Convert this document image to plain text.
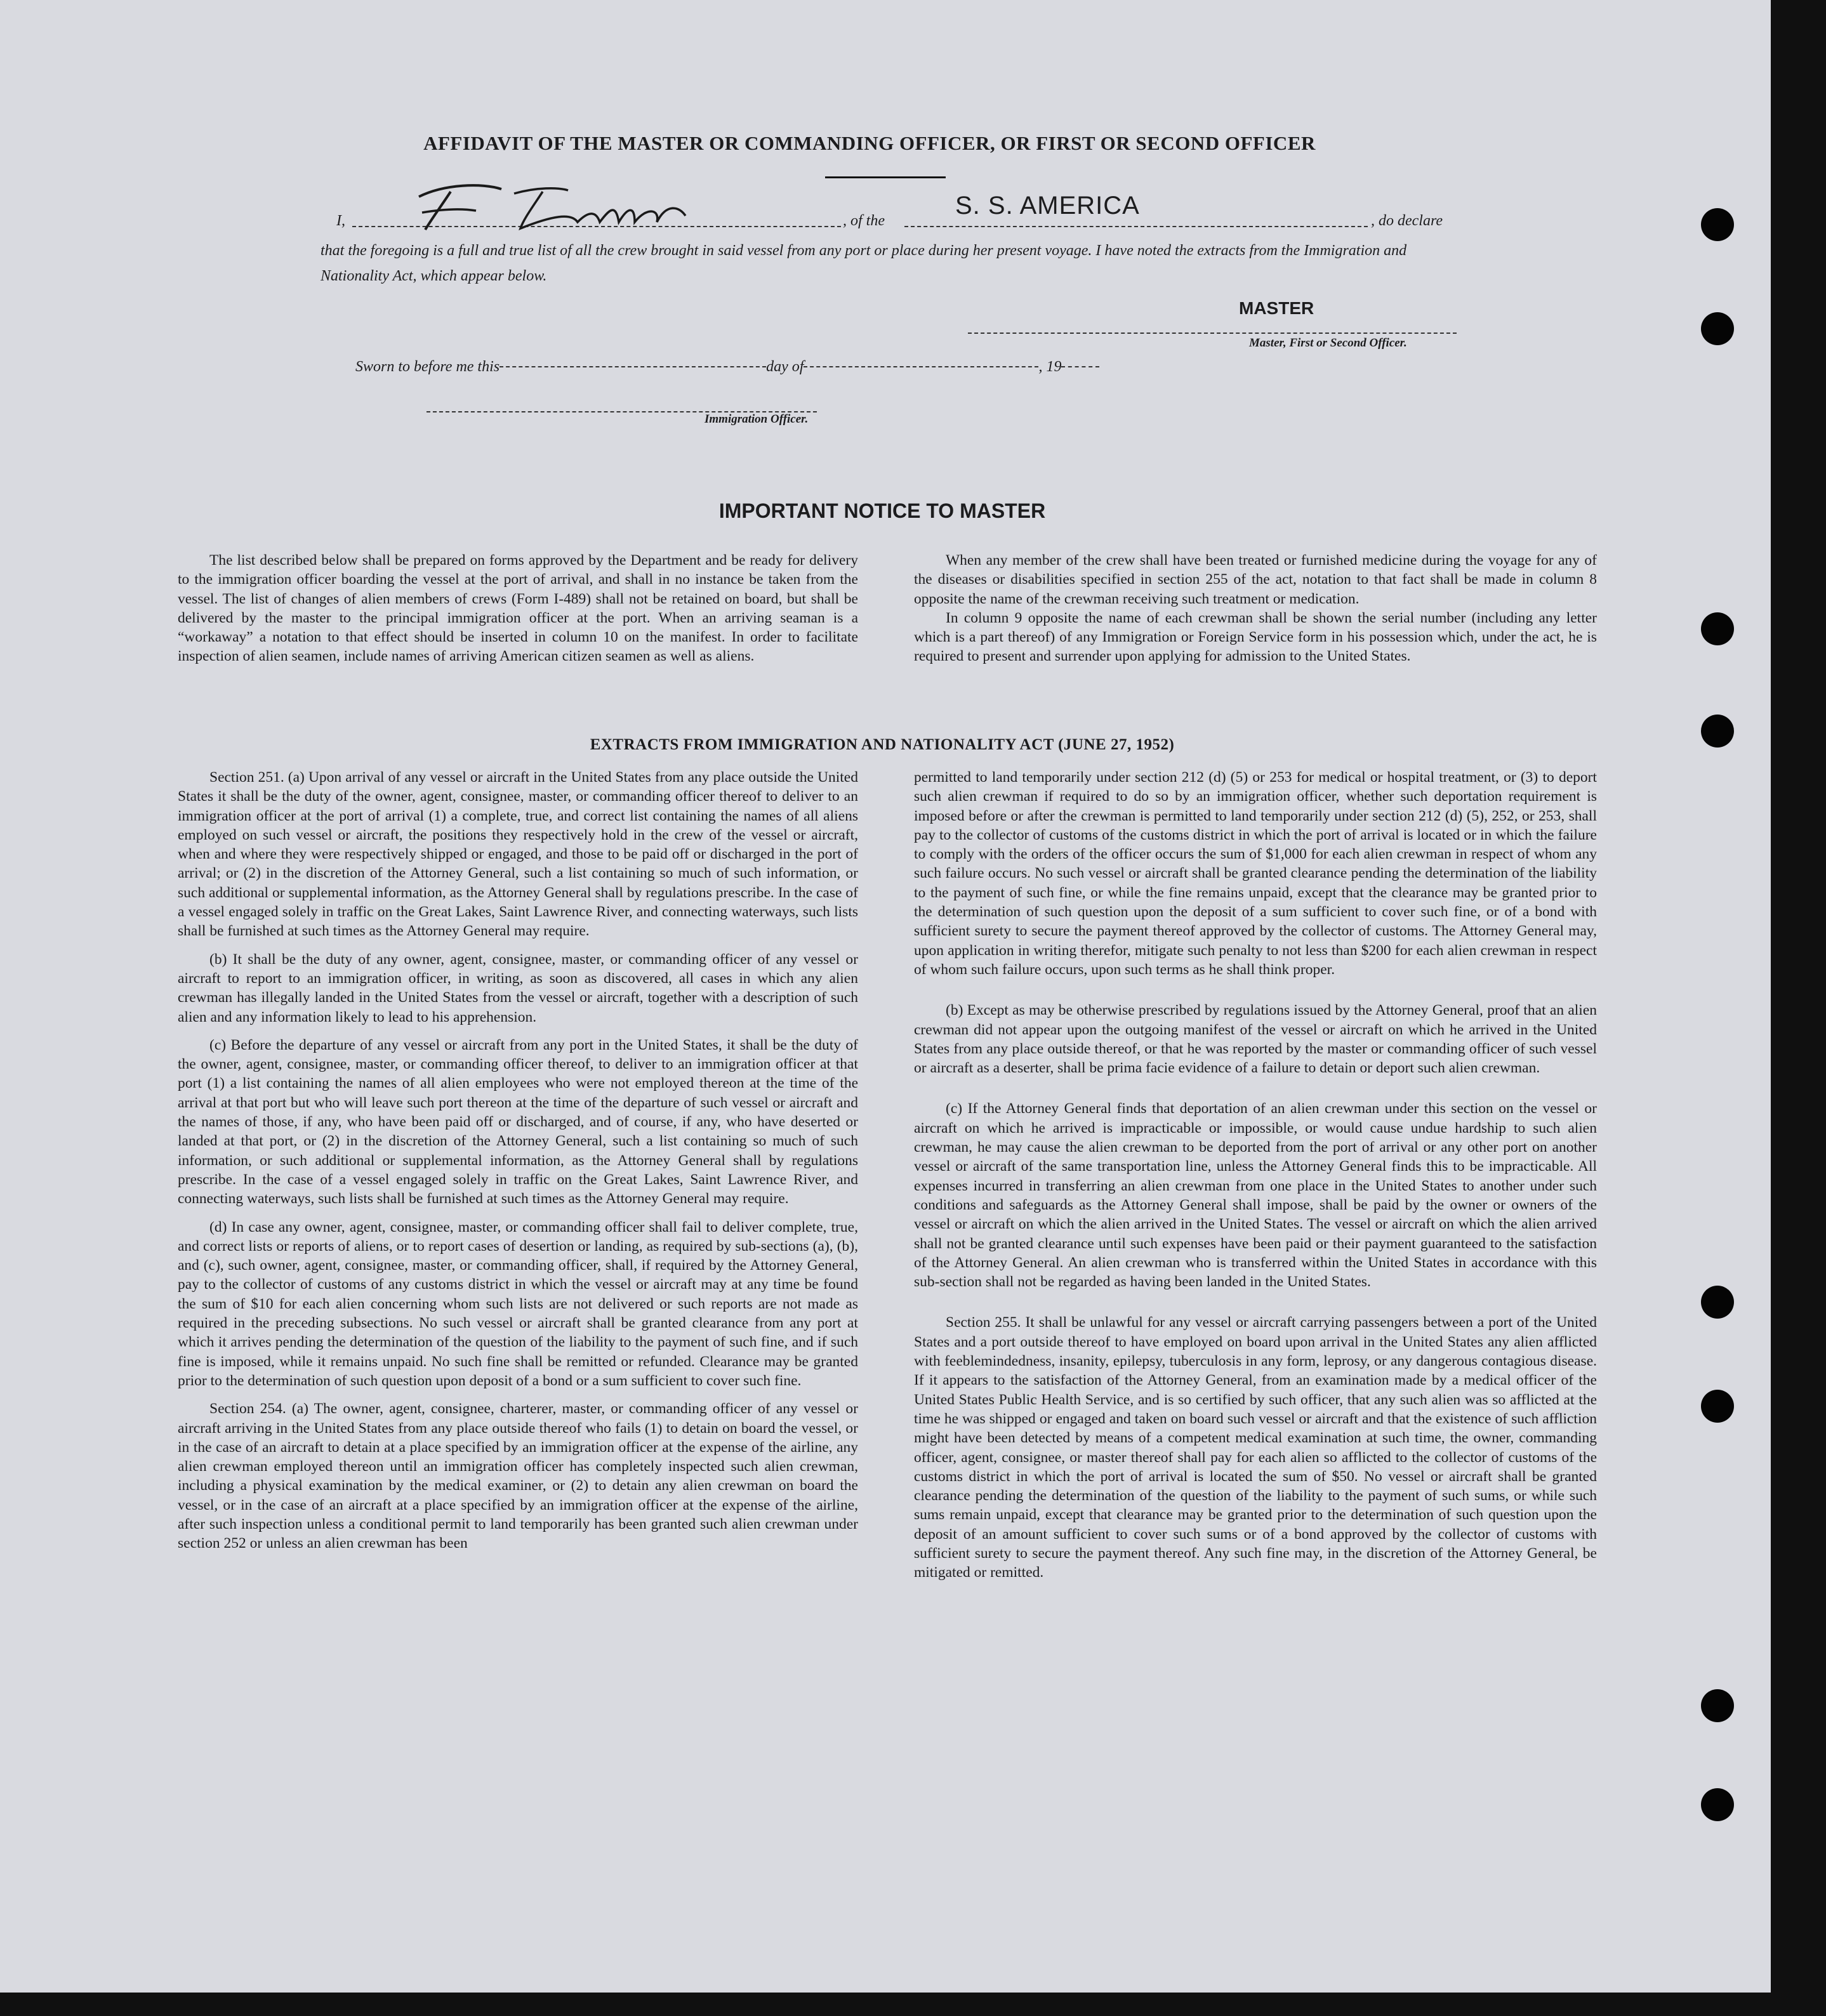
AFFIDAVIT OF THE MASTER OR COMMANDING OFFICER, OR FIRST OR SECOND OFFICER
I,	, of the	, do declare
S. S. AMERICA
that the foregoing is a full and true list of all the crew brought in said vessel from any port or place during her present voyage. I have noted the extracts from the Immigration and Nationality Act, which appear below.
MASTER
Master, First or Second Officer.
Sworn to before me this	day of	, 19
Immigration Officer.
IMPORTANT NOTICE TO MASTER

The list described below shall be prepared on forms approved by the Department and be ready for delivery to the immigration officer boarding the vessel at the port of arrival, and shall in no instance be taken from the vessel. The list of changes of alien members of crews (Form I-489) shall not be retained on board, but shall be delivered by the master to the principal immigration officer at the port. When an arriving seaman is a “workaway” a notation to that effect should be inserted in column 10 on the manifest. In order to facilitate inspection of alien seamen, include names of arriving American citizen seamen as well as aliens.

When any member of the crew shall have been treated or furnished medicine during the voyage for any of the diseases or disabilities specified in section 255 of the act, notation to that fact shall be made in column 8 opposite the name of the crewman receiving such treatment or medication.

In column 9 opposite the name of each crewman shall be shown the serial number (including any letter which is a part thereof) of any Immigration or Foreign Service form in his possession which, under the act, he is required to present and surrender upon applying for admission to the United States.

EXTRACTS FROM IMMIGRATION AND NATIONALITY ACT (JUNE 27, 1952)

Section 251. (a) Upon arrival of any vessel or aircraft in the United States from any place outside the United States it shall be the duty of the owner, agent, consignee, master, or commanding officer thereof to deliver to an immigration officer at the port of arrival (1) a complete, true, and correct list containing the names of all aliens employed on such vessel or aircraft, the positions they respectively hold in the crew of the vessel or aircraft, when and where they were respectively shipped or engaged, and those to be paid off or discharged in the port of arrival; or (2) in the discretion of the Attorney General, such a list containing so much of such information, or such additional or supplemental information, as the Attorney General shall by regulations prescribe. In the case of a vessel engaged solely in traffic on the Great Lakes, Saint Lawrence River, and connecting waterways, such lists shall be furnished at such times as the Attorney General may require.

(b) It shall be the duty of any owner, agent, consignee, master, or commanding officer of any vessel or aircraft to report to an immigration officer, in writing, as soon as discovered, all cases in which any alien crewman has illegally landed in the United States from the vessel or aircraft, together with a description of such alien and any information likely to lead to his apprehension.

(c) Before the departure of any vessel or aircraft from any port in the United States, it shall be the duty of the owner, agent, consignee, master, or commanding officer thereof, to deliver to an immigration officer at that port (1) a list containing the names of all alien employees who were not employed thereon at the time of the arrival at that port but who will leave such port thereon at the time of the departure of such vessel or aircraft and the names of those, if any, who have been paid off or discharged, and of course, if any, who have deserted or landed at that port, or (2) in the discretion of the Attorney General, such a list containing so much of such information, or such additional or supplemental information, as the Attorney General shall by regulations prescribe. In the case of a vessel engaged solely in traffic on the Great Lakes, Saint Lawrence River, and connecting waterways, such lists shall be furnished at such times as the Attorney General may require.

(d) In case any owner, agent, consignee, master, or commanding officer shall fail to deliver complete, true, and correct lists or reports of aliens, or to report cases of desertion or landing, as required by sub-sections (a), (b), and (c), such owner, agent, consignee, master, or commanding officer, shall, if required by the Attorney General, pay to the collector of customs of any customs district in which the vessel or aircraft may at any time be found the sum of $10 for each alien concerning whom such lists are not delivered or such reports are not made as required in the preceding subsections. No such vessel or aircraft shall be granted clearance from any port at which it arrives pending the determination of the question of the liability to the payment of such fine, and if such fine is imposed, while it remains unpaid. No such fine shall be remitted or refunded. Clearance may be granted prior to the determination of such question upon deposit of a bond or a sum sufficient to cover such fine.

Section 254. (a) The owner, agent, consignee, charterer, master, or commanding officer of any vessel or aircraft arriving in the United States from any place outside thereof who fails (1) to detain on board the vessel, or in the case of an aircraft to detain at a place specified by an immigration officer at the expense of the airline, any alien crewman employed thereon until an immigration officer has completely inspected such alien crewman, including a physical examination by the medical examiner, or (2) to detain any alien crewman on board the vessel, or in the case of an aircraft at a place specified by an immigration officer at the expense of the airline, after such inspection unless a conditional permit to land temporarily has been granted such alien crewman under section 252 or unless an alien crewman has been

permitted to land temporarily under section 212 (d) (5) or 253 for medical or hospital treatment, or (3) to deport such alien crewman if required to do so by an immigration officer, whether such deportation requirement is imposed before or after the crewman is permitted to land temporarily under section 212 (d) (5), 252, or 253, shall pay to the collector of customs of the customs district in which the port of arrival is located or in which the failure to comply with the orders of the officer occurs the sum of $1,000 for each alien crewman in respect of whom any such failure occurs. No such vessel or aircraft shall be granted clearance pending the determination of the liability to the payment of such fine, or while the fine remains unpaid, except that the clearance may be granted prior to the determination of such question upon the deposit of a sum sufficient to cover such fine, or of a bond with sufficient surety to secure the payment thereof approved by the collector of customs. The Attorney General may, upon application in writing therefor, mitigate such penalty to not less than $200 for each alien crewman in respect of whom such failure occurs, upon such terms as he shall think proper.

(b) Except as may be otherwise prescribed by regulations issued by the Attorney General, proof that an alien crewman did not appear upon the outgoing manifest of the vessel or aircraft on which he arrived in the United States from any place outside thereof, or that he was reported by the master or commanding officer of such vessel or aircraft as a deserter, shall be prima facie evidence of a failure to detain or deport such alien crewman.

(c) If the Attorney General finds that deportation of an alien crewman under this section on the vessel or aircraft on which he arrived is impracticable or impossible, or would cause undue hardship to such alien crewman, he may cause the alien crewman to be deported from the port of arrival or any other port on another vessel or aircraft of the same transportation line, unless the Attorney General finds this to be impracticable. All expenses incurred in transferring an alien crewman from one place in the United States to another under such conditions and safeguards as the Attorney General shall impose, shall be paid by the owner or owners of the vessel or aircraft on which the alien arrived in the United States. The vessel or aircraft on which the alien arrived shall not be granted clearance until such expenses have been paid or their payment guaranteed to the satisfaction of the Attorney General. An alien crewman who is transferred within the United States in accordance with this sub-section shall not be regarded as having been landed in the United States.

Section 255. It shall be unlawful for any vessel or aircraft carrying passengers between a port of the United States and a port outside thereof to have employed on board upon arrival in the United States any alien afflicted with feeblemindedness, insanity, epilepsy, tuberculosis in any form, leprosy, or any dangerous contagious disease. If it appears to the satisfaction of the Attorney General, from an examination made by a medical officer of the United States Public Health Service, and is so certified by such officer, that any such alien was so afflicted at the time he was shipped or engaged and taken on board such vessel or aircraft and that the existence of such affliction might have been detected by means of a competent medical examination at such time, the owner, commanding officer, agent, consignee, or master thereof shall pay for each alien so afflicted to the collector of customs of the customs district in which the port of arrival is located the sum of $50. No vessel or aircraft shall be granted clearance pending the determination of the question of the liability to the payment of such sums, or while such sums remain unpaid, except that clearance may be granted prior to the determination of such question upon the deposit of an amount sufficient to cover such sums or of a bond approved by the collector of customs with sufficient surety to secure the payment thereof. Any such fine may, in the discretion of the Attorney General, be mitigated or remitted.
